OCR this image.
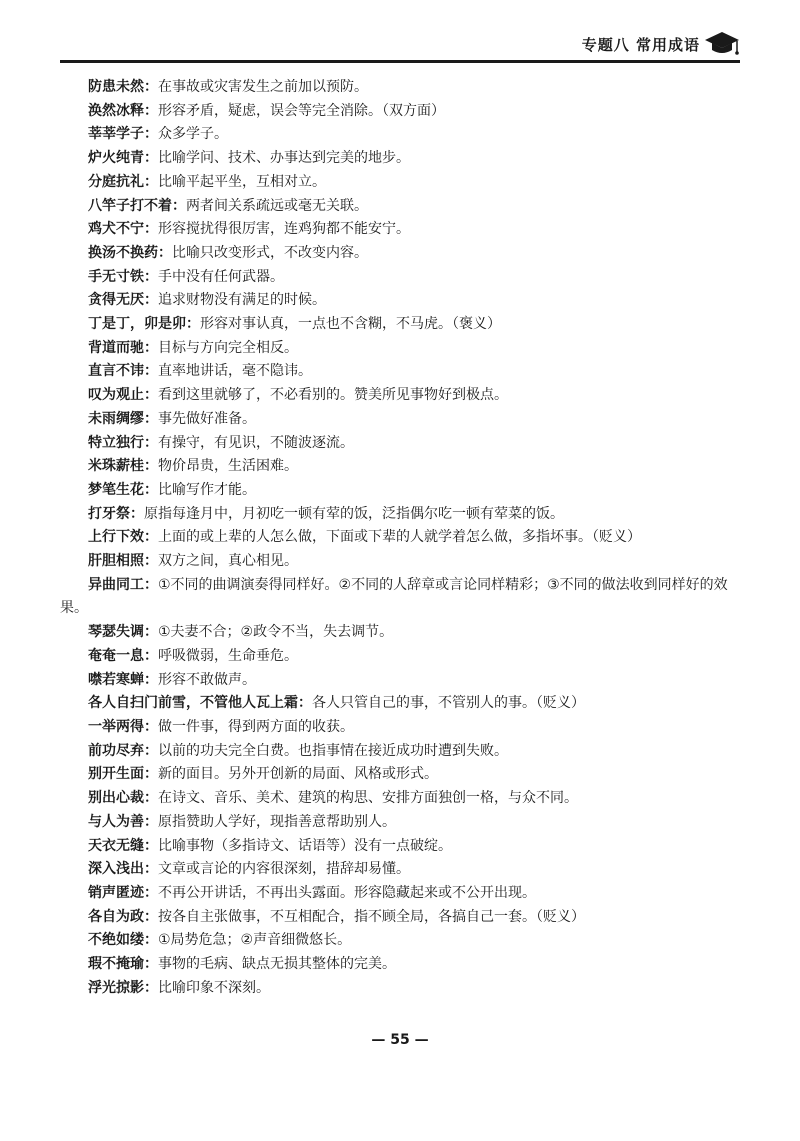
专题八 常用成语
防患未然：在事故或灾害发生之前加以预防。
涣然冰释：形容矛盾，疑虑，误会等完全消除。（双方面）
莘莘学子：众多学子。
炉火纯青：比喻学问、技术、办事达到完美的地步。
分庭抗礼：比喻平起平坐，互相对立。
八竿子打不着：两者间关系疏远或毫无关联。
鸡犬不宁：形容搅扰得很厉害，连鸡狗都不能安宁。
换汤不换药：比喻只改变形式，不改变内容。
手无寸铁：手中没有任何武器。
贪得无厌：追求财物没有满足的时候。
丁是丁，卯是卯：形容对事认真，一点也不含糊，不马虎。（褒义）
背道而驰：目标与方向完全相反。
直言不讳：直率地讲话，毫不隐讳。
叹为观止：看到这里就够了，不必看别的。赞美所见事物好到极点。
未雨绸缪：事先做好准备。
特立独行：有操守，有见识，不随波逐流。
米珠薪桂：物价昂贵，生活困难。
梦笔生花：比喻写作才能。
打牙祭：原指每逢月中，月初吃一顿有荤的饭，泛指偶尔吃一顿有荤菜的饭。
上行下效：上面的或上辈的人怎么做，下面或下辈的人就学着怎么做，多指坏事。（贬义）
肝胆相照：双方之间，真心相见。
异曲同工：①不同的曲调演奏得同样好。②不同的人辞章或言论同样精彩；③不同的做法收到同样好的效果。
琴瑟失调：①夫妻不合；②政令不当，失去调节。
奄奄一息：呼吸微弱，生命垂危。
噤若寒蝉：形容不敢做声。
各人自扫门前雪，不管他人瓦上霜：各人只管自己的事，不管别人的事。（贬义）
一举两得：做一件事，得到两方面的收获。
前功尽弃：以前的功夫完全白费。也指事情在接近成功时遭到失败。
别开生面：新的面目。另外开创新的局面、风格或形式。
别出心裁：在诗文、音乐、美术、建筑的构思、安排方面独创一格，与众不同。
与人为善：原指赞助人学好，现指善意帮助别人。
天衣无缝：比喻事物（多指诗文、话语等）没有一点破绽。
深入浅出：文章或言论的内容很深刻，措辞却易懂。
销声匿迹：不再公开讲话，不再出头露面。形容隐藏起来或不公开出现。
各自为政：按各自主张做事，不互相配合，指不顾全局，各搞自己一套。（贬义）
不绝如缕：①局势危急；②声音细微悠长。
瑕不掩瑜：事物的毛病、缺点无损其整体的完美。
浮光掠影：比喻印象不深刻。
— 55 —
